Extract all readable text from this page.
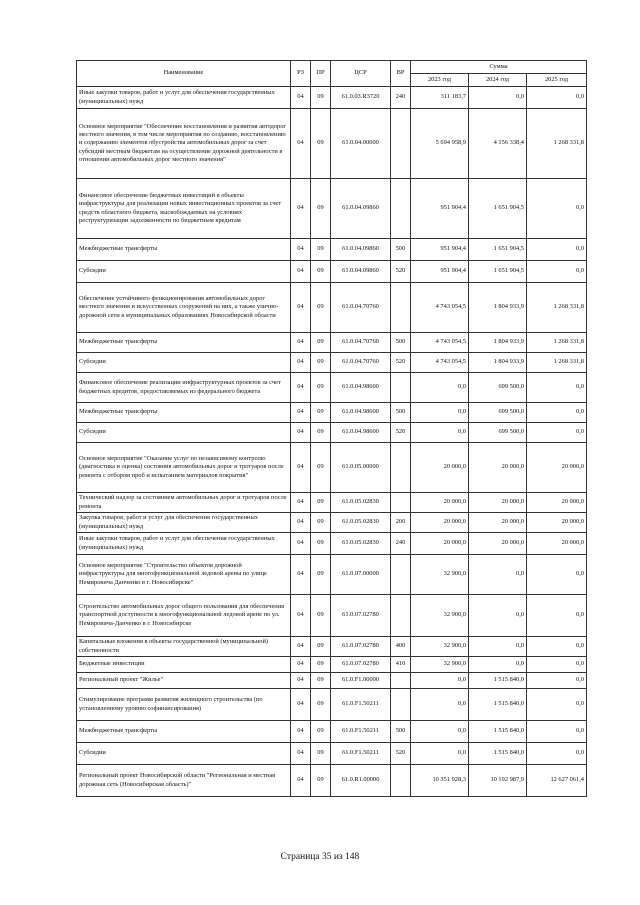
Наименование	РЗ	ПР	ЦСР	ВР	Сумма		
					2023 год	2024 год	2025 год
Иные закупки товаров, работ и услуг для обеспечения государственных (муниципальных) нужд	04	09	61.0.03.R3720	240	311 183,7	0,0	0,0
Основное мероприятие "Обеспечение восстановления и развития автодорог местного значения, в том числе мероприятия по созданию, восстановлению и содержанию элементов обустройства автомобильных дорог за счет субсидий местным бюджетам на осуществление дорожной деятельности в отношении автомобильных дорог местного значения"	04	09	61.0.04.00000		5 694 958,9	4 156 338,4	1 268 331,8
Финансовое обеспечение бюджетных инвестиций в объекты инфраструктуры для реализации новых инвестиционных проектов за счет средств областного бюджета, высвобождаемых на условиях реструктуризации задолженности по бюджетным кредитам	04	09	61.0.04.09860		951 904,4	1 651 904,5	0,0
Межбюджетные трансферты	04	09	61.0.04.09860	500	951 904,4	1 651 904,5	0,0
Субсидии	04	09	61.0.04.09860	520	951 904,4	1 651 904,5	0,0
Обеспечение устойчивого функционирования автомобильных дорог местного значения и искусственных сооружений на них, а также улично-дорожной сети в муниципальных образованиях Новосибирской области	04	09	61.0.04.70760		4 743 054,5	1 804 933,9	1 268 331,8
Межбюджетные трансферты	04	09	61.0.04.70760	500	4 743 054,5	1 804 933,9	1 268 331,8
Субсидии	04	09	61.0.04.70760	520	4 743 054,5	1 804 933,9	1 268 331,8
Финансовое обеспечение реализации инфраструктурных проектов за счет бюджетных кредитов, предоставляемых из федерального бюджета	04	09	61.0.04.98600		0,0	699 500,0	0,0
Межбюджетные трансферты	04	09	61.0.04.98600	500	0,0	699 500,0	0,0
Субсидии	04	09	61.0.04.98600	520	0,0	699 500,0	0,0
Основное мероприятие "Оказание услуг по независимому контролю (диагностика и оценка) состояния автомобильных дорог и тротуаров после ремонта с отбором проб и испытанием материалов покрытия"	04	09	61.0.05.00000		20 000,0	20 000,0	20 000,0
Технический надзор за состоянием автомобильных дорог и тротуаров после ремонта	04	09	61.0.05.02830		20 000,0	20 000,0	20 000,0
Закупка товаров, работ и услуг для обеспечения государственных (муниципальных) нужд	04	09	61.0.05.02830	200	20 000,0	20 000,0	20 000,0
Иные закупки товаров, работ и услуг для обеспечения государственных (муниципальных) нужд	04	09	61.0.05.02830	240	20 000,0	20 000,0	20 000,0
Основное мероприятие "Строительство объектов дорожной инфраструктуры для многофункциональной ледовой арены по улице Немировича Данченко в г. Новосибирске"	04	09	61.0.07.00000		32 900,0	0,0	0,0
Строительство автомобильных дорог общего пользования для обеспечения транспортной доступности к многофункциональной ледовой арене по ул. Немировича-Данченко в г. Новосибирске	04	09	61.0.07.02780		32 900,0	0,0	0,0
Капитальные вложения в объекты государственной (муниципальной) собственности	04	09	61.0.07.02780	400	32 900,0	0,0	0,0
Бюджетные инвестиции	04	09	61.0.07.02780	410	32 900,0	0,0	0,0
Региональный проект "Жилье"	04	09	61.0.F1.00000		0,0	1 515 840,0	0,0
Стимулирование программ развития жилищного строительства (по установленному уровню софинансирования)	04	09	61.0.F1.50211		0,0	1 515 840,0	0,0
Межбюджетные трансферты	04	09	61.0.F1.50211	500	0,0	1 515 840,0	0,0
Субсидии	04	09	61.0.F1.50211	520	0,0	1 515 840,0	0,0
Региональный проект Новосибирской области "Региональная и местная дорожная сеть (Новосибирская область)"	04	09	61.0.R1.00000		10 351 928,3	10 192 987,9	12 627 061,4
Страница 35 из 148
